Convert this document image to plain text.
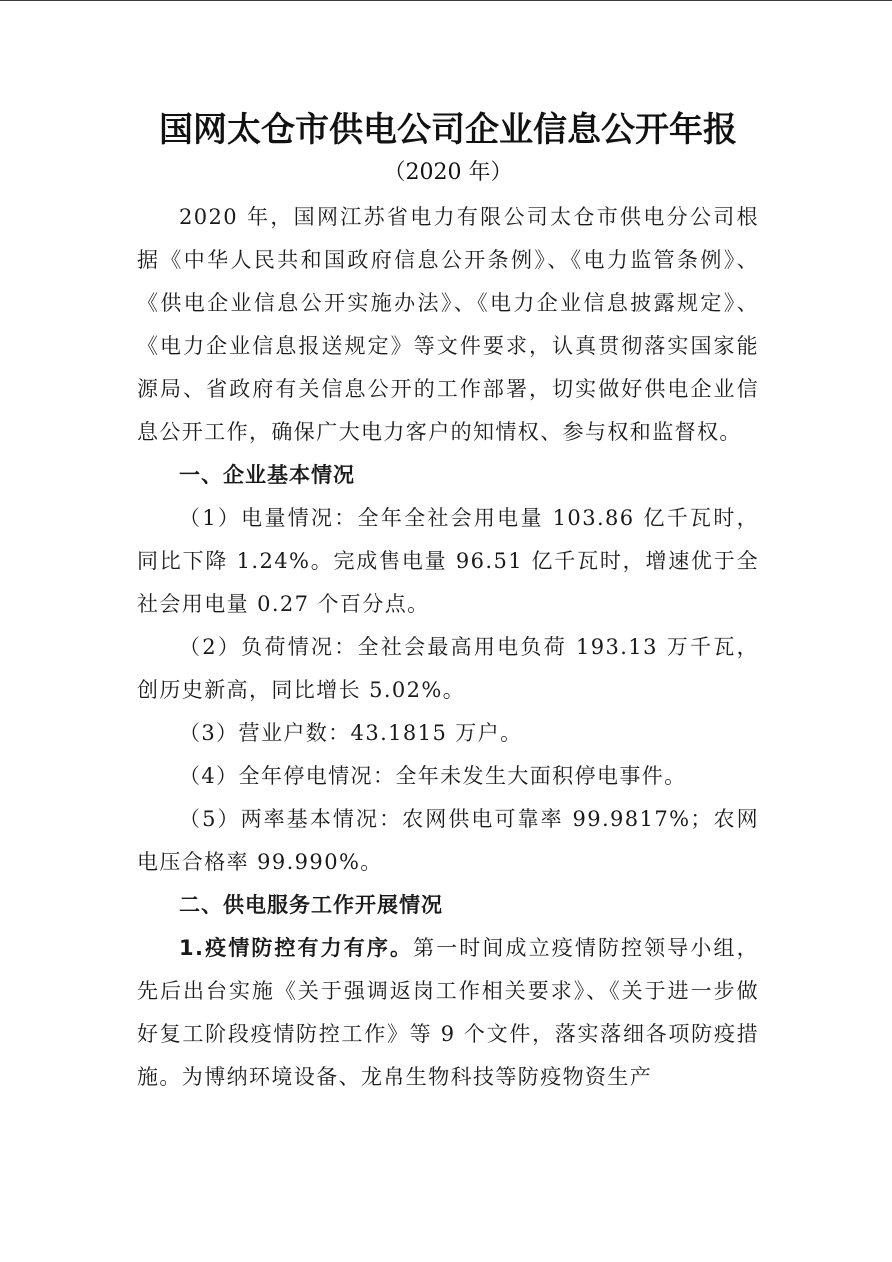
国网太仓市供电公司企业信息公开年报
（2020 年）

2020 年，国网江苏省电力有限公司太仓市供电分公司根据《中华人民共和国政府信息公开条例》、《电力监管条例》、《供电企业信息公开实施办法》、《电力企业信息披露规定》、《电力企业信息报送规定》等文件要求，认真贯彻落实国家能源局、省政府有关信息公开的工作部署，切实做好供电企业信息公开工作，确保广大电力客户的知情权、参与权和监督权。

一、企业基本情况

（1）电量情况：全年全社会用电量 103.86 亿千瓦时，同比下降 1.24%。完成售电量 96.51 亿千瓦时，增速优于全社会用电量 0.27 个百分点。

（2）负荷情况：全社会最高用电负荷 193.13 万千瓦，创历史新高，同比增长 5.02%。

（3）营业户数：43.1815 万户。

（4）全年停电情况：全年未发生大面积停电事件。

（5）两率基本情况：农网供电可靠率 99.9817%；农网电压合格率 99.990%。

二、供电服务工作开展情况

1.疫情防控有力有序。第一时间成立疫情防控领导小组，先后出台实施《关于强调返岗工作相关要求》、《关于进一步做好复工阶段疫情防控工作》等 9 个文件，落实落细各项防疫措施。为博纳环境设备、龙帛生物科技等防疫物资生产
